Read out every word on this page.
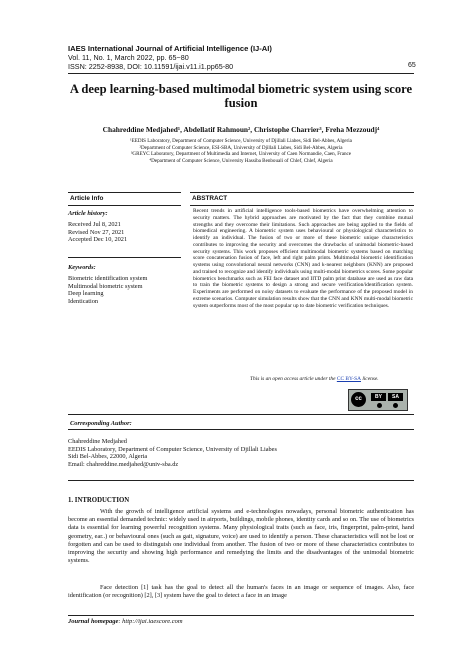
IAES International Journal of Artificial Intelligence (IJ-AI)
Vol. 11, No. 1, March 2022, pp. 65~80
ISSN: 2252-8938, DOI: 10.11591/ijai.v11.i1.pp65-80	65
A deep learning-based multimodal biometric system using score fusion
Chahreddine Medjahed¹, Abdellatif Rahmoun², Christophe Charrier³, Freha Mezzoudj⁴
¹EEDIS Laboratory, Department of Computer Science, University of Djillali Liabes, Sidi Bel-Abbes, Algeria
²Department of Computer Science, ESI-SBA, University of Djillali Liabes, Sidi Bel-Abbes, Algeria
³GREYC Laboratory, Department of Multimedia and Internet, University of Caen Normandie, Caen, France
⁴Department of Computer Science, University Hassiba Benbouali of Chlef, Chlef, Algeria
Article Info
Article history:
Received Jul 8, 2021
Revised Nov 27, 2021
Accepted Dec 10, 2021
Keywords:
Biometric identification system
Multimodal biometric system
Deep learning
Identication
ABSTRACT
Recent trends in artificial intelligence tools-based biometrics have overwhelming attention to security matters. The hybrid approaches are motivated by the fact that they combine mutual strengths and they overcome their limitations. Such approaches are being applied to the fields of biomedical engineering. A biometric system uses behavioural or physiological characteristics to identify an individual. The fusion of two or more of these biometric unique characteristics contributes to improving the security and overcomes the drawbacks of unimodal biometric-based security systems. This work proposes efficient multimodal biometric systems based on matching score concatenation fusion of face, left and right palm prints. Multimodal biometric identification systems using convolutional neural networks (CNN) and k-nearest neighbors (KNN) are proposed and trained to recognize and identify individuals using multi-modal biometrics scores. Some popular biometrics benchmarks such as FEI face dataset and IITD palm print database are used as raw data to train the biometric systems to design a strong and secure verification/identification system. Experiments are performed on noisy datasets to evaluate the performance of the proposed model in extreme scenarios. Computer simulation results show that the CNN and KNN multi-modal biometric system outperforms most of the most popular up to date biometric verification techniques.
This is an open access article under the CC BY-SA license.
cc	BY	SA
Corresponding Author:
Chahreddine Medjahed
EEDIS Laboratory, Department of Computer Science, University of Djillali Liabes
Sidi Bel-Abbes, 22000, Algeria
Email: chahreddine.medjahed@univ-sba.dz
1. INTRODUCTION
With the growth of intelligence artificial systems and e-technologies nowadays, personal biometric authentication has become an essential demanded technic: widely used in airports, buildings, mobile phones, identity cards and so on. The use of biometrics data is essential for learning powerful recognition systems. Many physiological traits (such as face, iris, fingerprint, palm-print, hand geometry, ear..) or behavioural ones (such as gait, signature, voice) are used to identify a person. These characteristics will not be lost or forgotten and can be used to distinguish one individual from another. The fusion of two or more of these characteristics contributes to improving the security and showing high performance and remedying the limits and the disadvantages of the unimodal biometric systems.
Face detection [1] task has the goal to detect all the human's faces in an image or sequence of images. Also, face identification (or recognition) [2], [3] system have the goal to detect a face in an image
Journal homepage: http://ijai.iaescore.com
